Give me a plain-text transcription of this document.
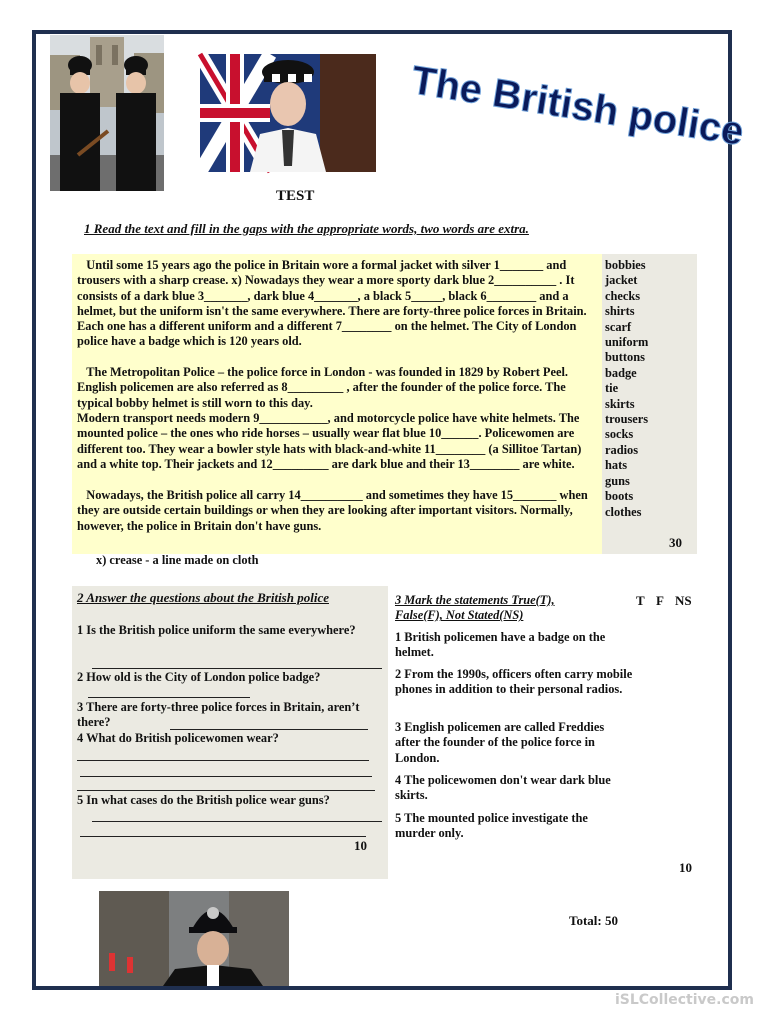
The British police
TEST
1 Read the text and fill in the gaps with the appropriate words, two words are extra.
Until some 15 years ago the police in Britain wore a formal jacket with silver 1_______ and trousers with a sharp crease. x) Nowadays they wear a more sporty dark blue 2__________ . It consists of a dark blue 3_______, dark blue 4_______, a black 5_____, black 6________ and a helmet, but the uniform isn't the same everywhere. There are forty-three police forces in Britain. Each one has a different uniform and a different 7________ on the helmet. The City of London police have a badge which is 120 years old.
The Metropolitan Police – the police force in London - was founded in 1829 by Robert Peel. English policemen are also referred as 8_________ , after the founder of the police force. The typical bobby helmet is still worn to this day.
Modern transport needs modern 9___________, and motorcycle police have white helmets. The mounted police – the ones who ride horses – usually wear flat blue 10______. Policewomen are different too. They wear a bowler style hats with black-and-white 11________ (a Sillitoe Tartan) and a white top. Their jackets and 12_________ are dark blue and their 13________ are white.
Nowadays, the British police all carry 14__________ and sometimes they have 15_______ when they are outside certain buildings or when they are looking after important visitors. Normally, however, the police in Britain don't have guns.
bobbies
jacket
checks
shirts
scarf
uniform
buttons
badge
tie
skirts
trousers
socks
radios
hats
guns
boots
clothes
30
x) crease - a line made on cloth
2 Answer the questions about the British police
1 Is the British police uniform the same everywhere?
2 How old is the City of London police badge?
3 There are forty-three police forces in Britain, aren’t there?
4 What do British policewomen wear?
5 In what cases do the British police wear guns?
10
3 Mark the statements True(T), False(F), Not Stated(NS)
T F NS
1 British policemen have a badge on the helmet.
2 From the 1990s, officers often carry mobile phones in addition to their personal radios.
3 English policemen are called Freddies after the founder of the police force in London.
4 The policewomen don't wear dark blue skirts.
5 The mounted police investigate the murder only.
10
Total: 50
iSLCollective.com
